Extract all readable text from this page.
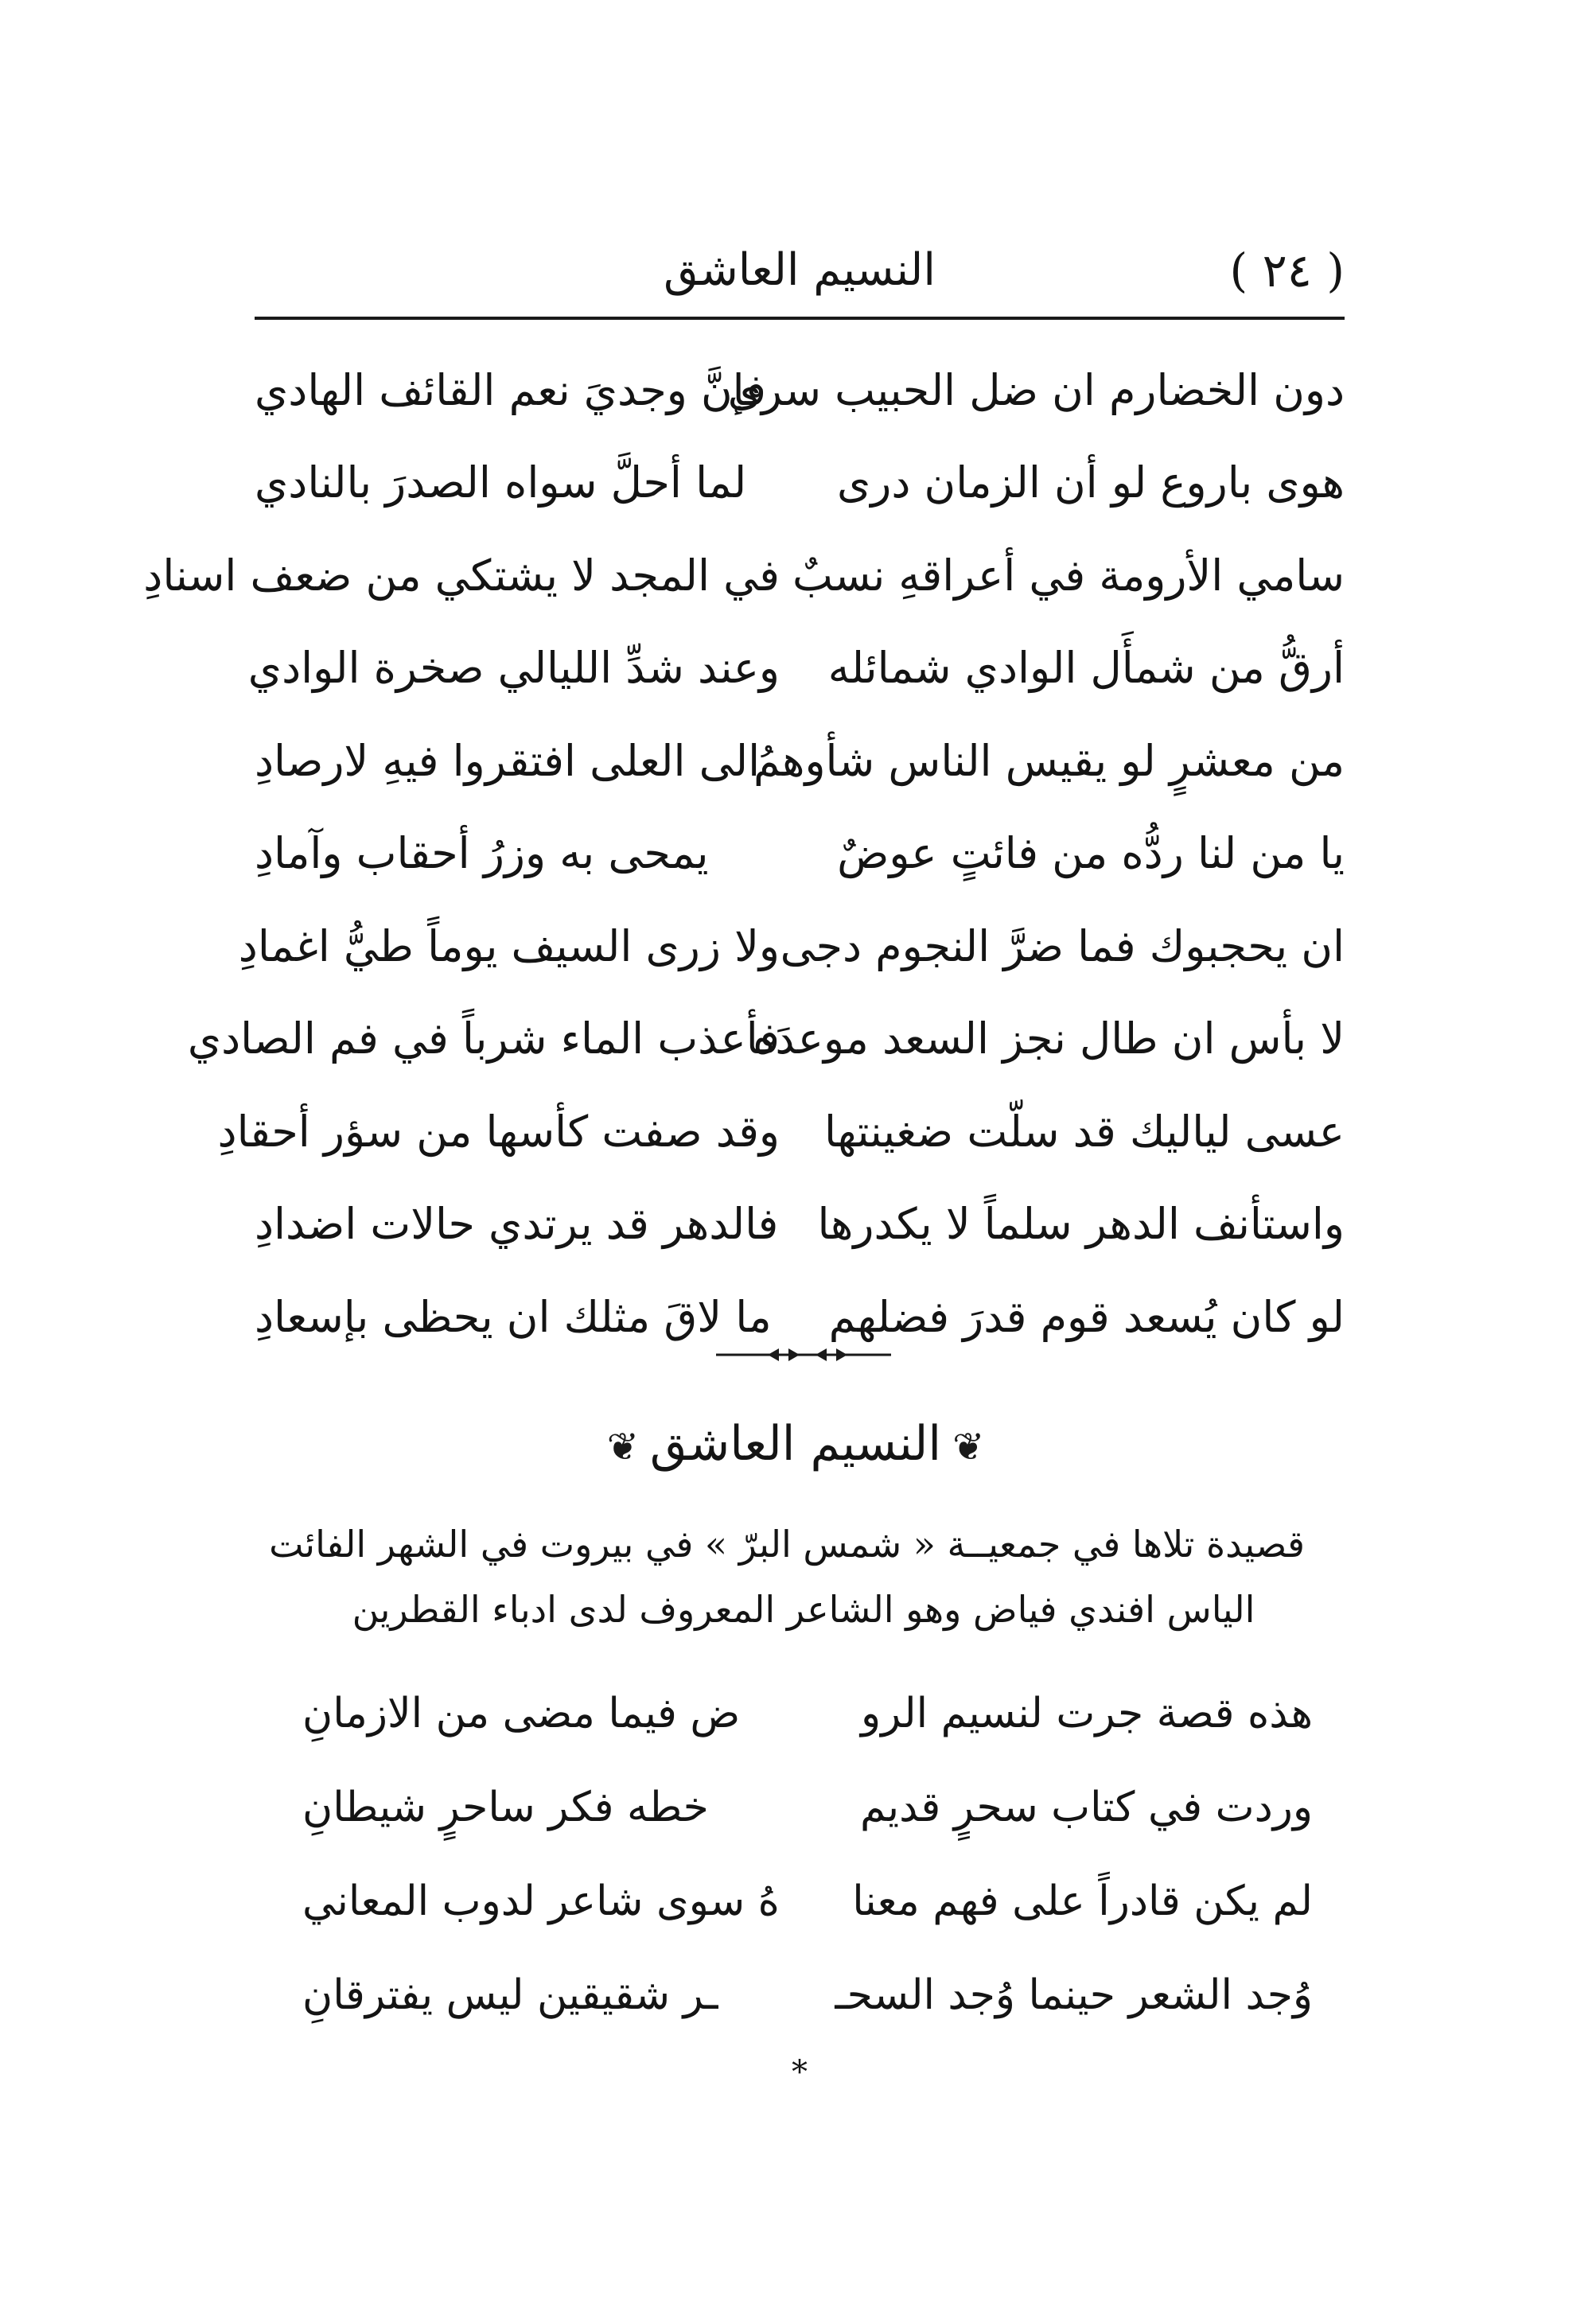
( ٢٤ )
النسيم العاشق
دون الخضارم ان ضل الحبيب سرى
فإنَّ وجديَ نعم القائف الهادي
هوى باروع لو أن الزمان درى
لما أحلَّ سواه الصدرَ بالنادي
سامي الأرومة في أعراقهِ نسبٌ
في المجد لا يشتكي من ضعف اسنادِ
أرقُّ من شمأَل الوادي شمائله
وعند شدِّ الليالي صخرة الوادي
من معشرٍ لو يقيس الناس شأوهمُ
الى العلى افتقروا فيهِ لارصادِ
يا من لنا ردُّه من فائتٍ عوضٌ
يمحى به وزرُ أحقاب وآمادِ
ان يحجبوك فما ضرَّ النجوم دجى
ولا زرى السيف يوماً طيُّ اغمادِ
لا بأس ان طال نجز السعد موعدَه
فأعذب الماء شرباً في فم الصادي
عسى لياليك قد سلّت ضغينتها
وقد صفت كأسها من سؤر أحقادِ
واستأنف الدهر سلماً لا يكدرها
فالدهر قد يرتدي حالات اضدادِ
لو كان يُسعد قوم قدرَ فضلهم
ما لاقَ مثلك ان يحظى بإسعادِ
❦النسيم العاشق❦
قصيدة تلاها في جمعيــة « شمس البرّ » في بيروت في الشهر الفائت
الياس افندي فياض وهو الشاعر المعروف لدى ادباء القطرين
هذه قصة جرت لنسيم الرو
ض فيما مضى من الازمانِ
وردت في كتاب سحرٍ قديم
خطه فكر ساحرٍ شيطانِ
لم يكن قادراً على فهم معنا
هُ سوى شاعر لدوب المعاني
وُجد الشعر حينما وُجد السحـ
ـر شقيقين ليس يفترقانِ
*
